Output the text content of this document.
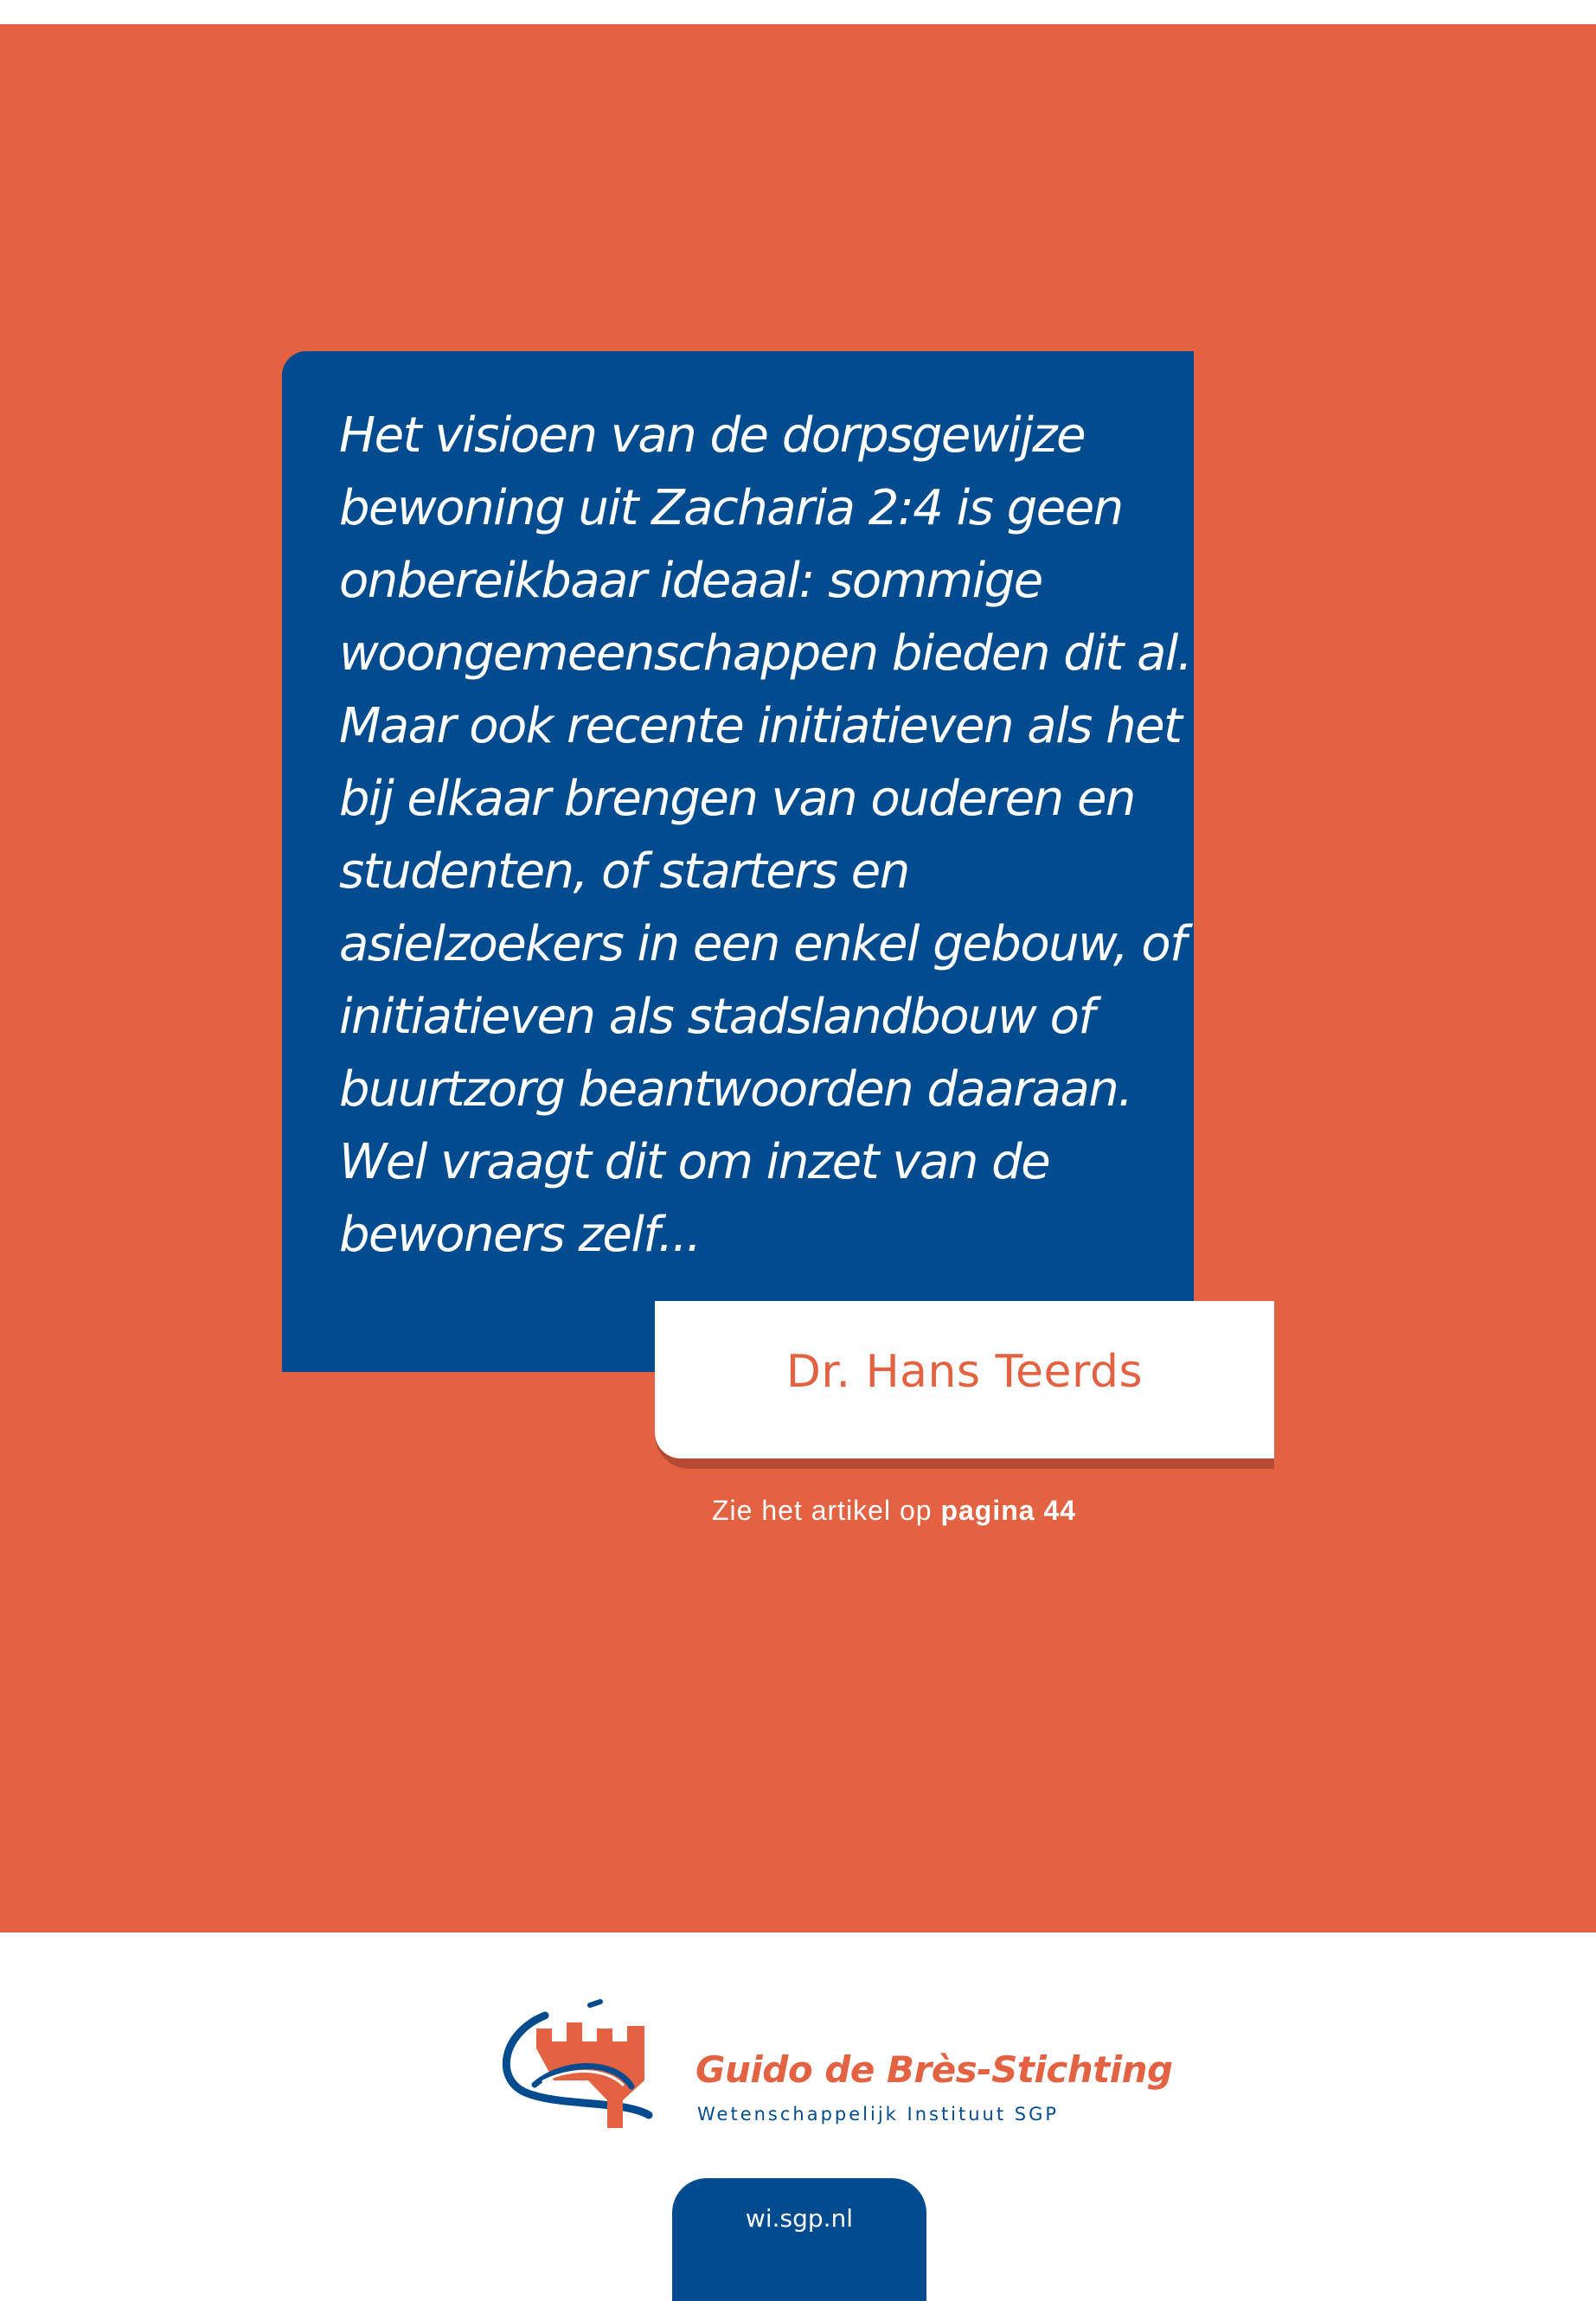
Het visioen van de dorpsgewijze
bewoning uit Zacharia 2:4 is geen
onbereikbaar ideaal: sommige
woongemeenschappen bieden dit al.
Maar ook recente initiatieven als het
bij elkaar brengen van ouderen en
studenten, of starters en
asielzoekers in een enkel gebouw, of
initiatieven als stadslandbouw of
buurtzorg beantwoorden daaraan.
Wel vraagt dit om inzet van de
bewoners zelf...

Dr. Hans Teerds
Zie het artikel op pagina 44
Guido de Brès-Stichting
Wetenschappelijk Instituut SGP
wi.sgp.nl
